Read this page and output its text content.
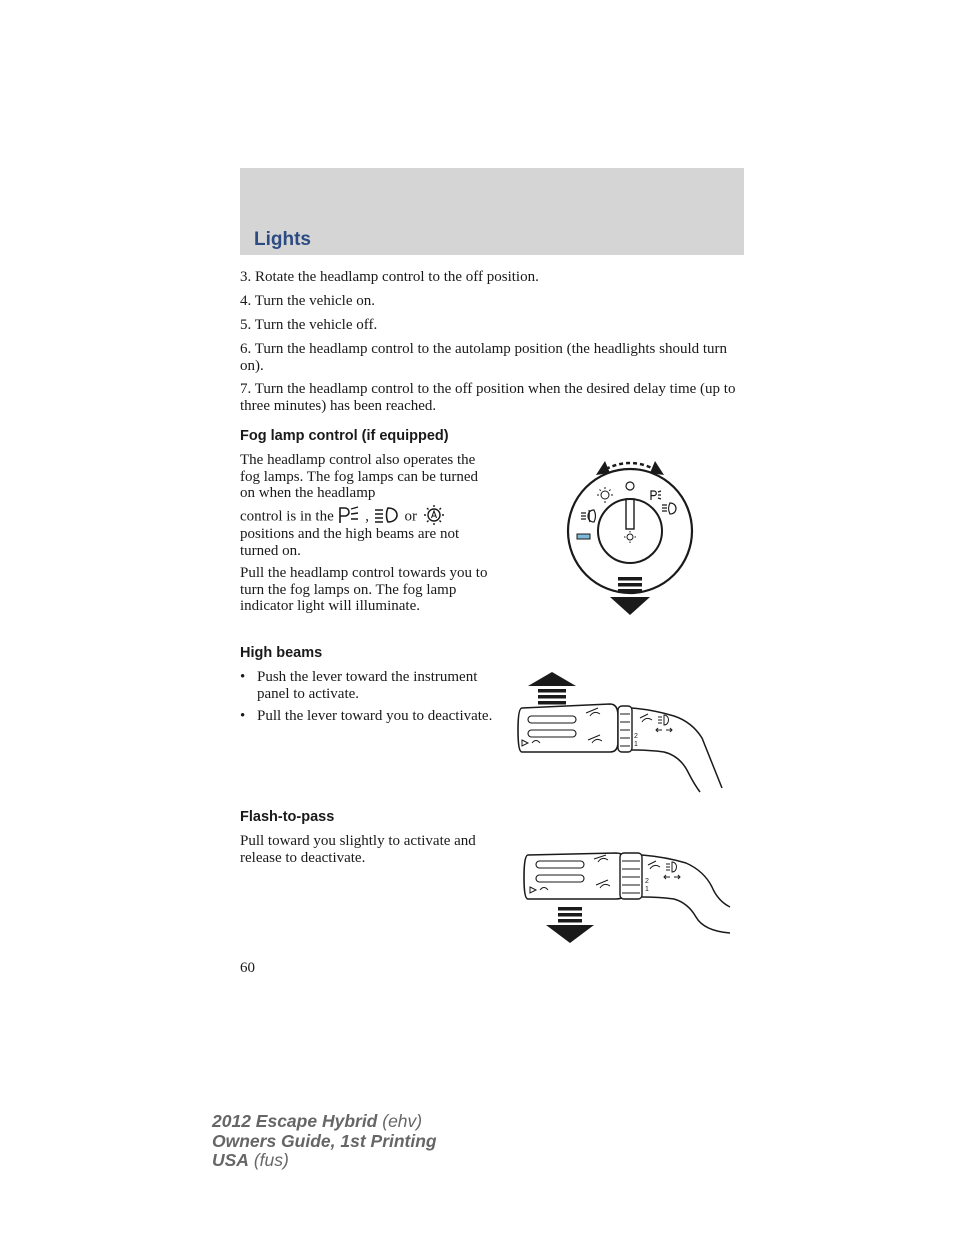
Lights

3. Rotate the headlamp control to the off position.

4. Turn the vehicle on.

5. Turn the vehicle off.

6. Turn the headlamp control to the autolamp position (the headlights should turn on).

7. Turn the headlamp control to the off position when the desired delay time (up to three minutes) has been reached.

Fog lamp control (if equipped)

The headlamp control also operates the fog lamps. The fog lamps can be turned on when the headlamp

control is in the , or

positions and the high beams are not turned on.

Pull the headlamp control towards you to turn the fog lamps on. The fog lamp indicator light will illuminate.

High beams
• Push the lever toward the instrument panel to activate.
• Pull the lever toward you to deactivate.
2
1
Flash-to-pass

Pull toward you slightly to activate and release to deactivate.

2
1
60
2012 Escape Hybrid (ehv)
Owners Guide, 1st Printing
USA (fus)
